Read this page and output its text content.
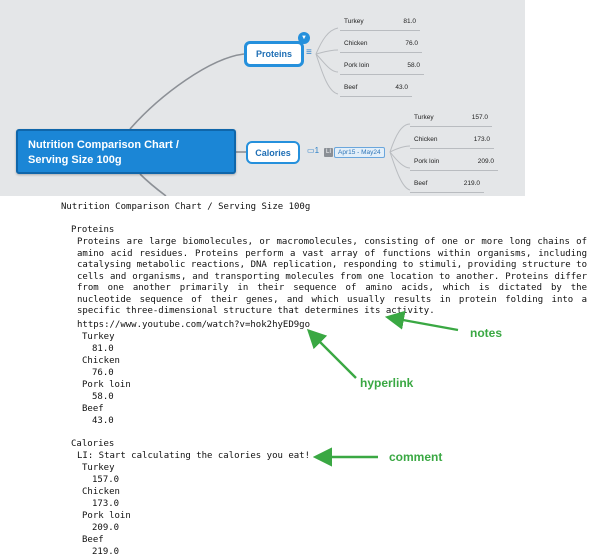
Nutrition Comparison Chart /
Serving Size 100g
Proteins
▼
≡
Calories ▭1	LI	Apr15 - May24
Turkey	81.0
Chicken	76.0
Pork loin	58.0
Beef	43.0
Turkey	157.0
Chicken	173.0
Pork loin	209.0
Beef	219.0
Nutrition Comparison Chart / Serving Size 100g
Proteins
Proteins are large biomolecules, or macromolecules, consisting of one or more long chains of amino acid residues. Proteins perform a vast array of functions within organisms, including catalysing metabolic reactions, DNA replication, responding to stimuli, providing structure to cells and organisms, and transporting molecules from one location to another. Proteins differ from one another primarily in their sequence of amino acids, which is dictated by the nucleotide sequence of their genes, and which usually results in protein folding into a specific three-dimensional structure that determines its activity.
https://www.youtube.com/watch?v=hok2hyED9go
Turkey
81.0
Chicken
76.0
Pork loin
58.0
Beef
43.0
Calories
LI: Start calculating the calories you eat!
Turkey
157.0
Chicken
173.0
Pork loin
209.0
Beef
219.0
notes
hyperlink
comment
